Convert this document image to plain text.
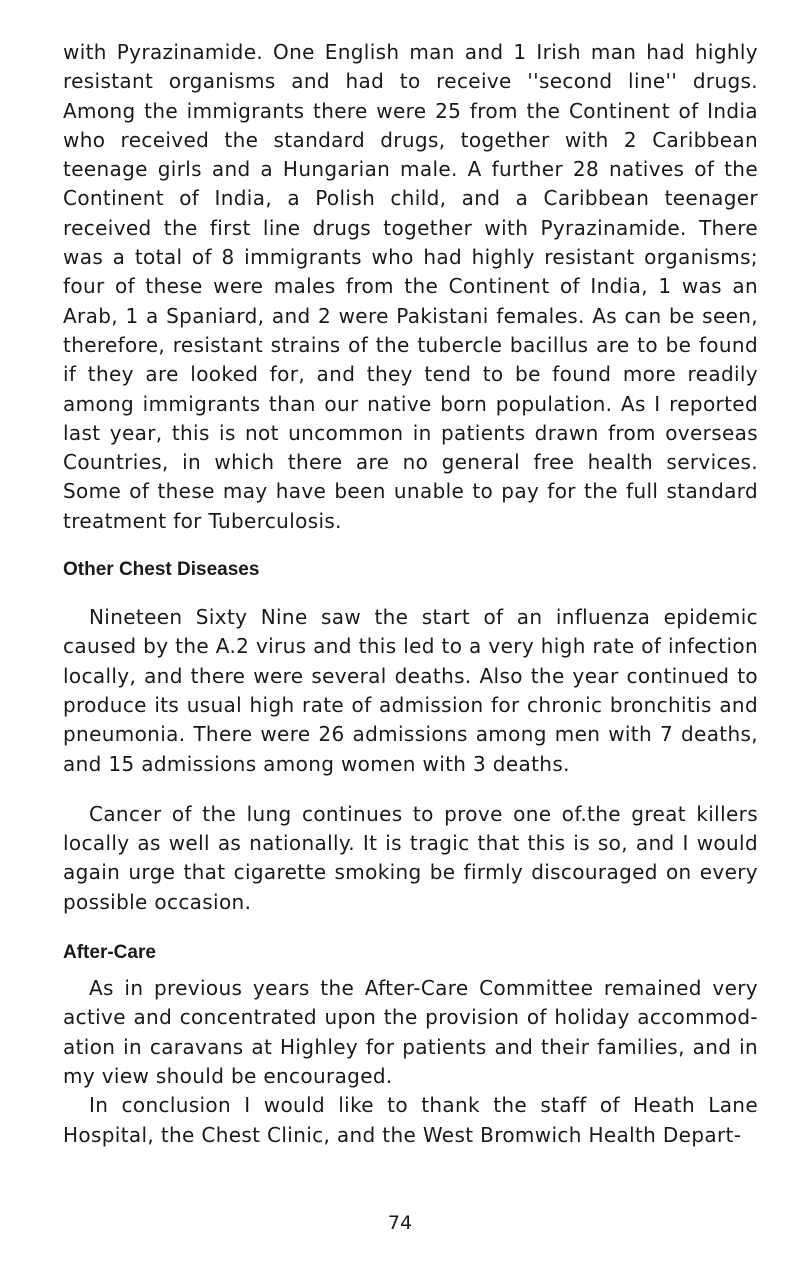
with Pyrazinamide. One English man and 1 Irish man had highly resistant organisms and had to receive ''second line'' drugs. Among the immigrants there were 25 from the Continent of India who received the standard drugs, together with 2 Caribbean teenage girls and a Hungarian male. A further 28 natives of the Continent of India, a Polish child, and a Caribbean teenager received the first line drugs together with Pyrazinamide. There was a total of 8 immigrants who had highly resistant organisms; four of these were males from the Continent of India, 1 was an Arab, 1 a Spaniard, and 2 were Pakistani females. As can be seen, therefore, resistant strains of the tubercle bacillus are to be found if they are looked for, and they tend to be found more readily among immigrants than our native born population. As I reported last year, this is not uncommon in patients drawn from overseas Countries, in which there are no general free health services. Some of these may have been unable to pay for the full standard treatment for Tuberculosis.

Other Chest Diseases

Nineteen Sixty Nine saw the start of an influenza epidemic caused by the A.2 virus and this led to a very high rate of infection locally, and there were several deaths. Also the year continued to produce its usual high rate of admission for chronic bronchitis and pneumonia. There were 26 admissions among men with 7 deaths, and 15 admissions among women with 3 deaths.

Cancer of the lung continues to prove one of.the great killers locally as well as nationally. It is tragic that this is so, and I would again urge that cigarette smoking be firmly discouraged on every possible occasion.

After-Care

As in previous years the After-Care Committee remained very active and concentrated upon the provision of holiday accommod-ation in caravans at Highley for patients and their families, and in my view should be encouraged.

In conclusion I would like to thank the staff of Heath Lane Hospital, the Chest Clinic, and the West Bromwich Health Depart-

74
